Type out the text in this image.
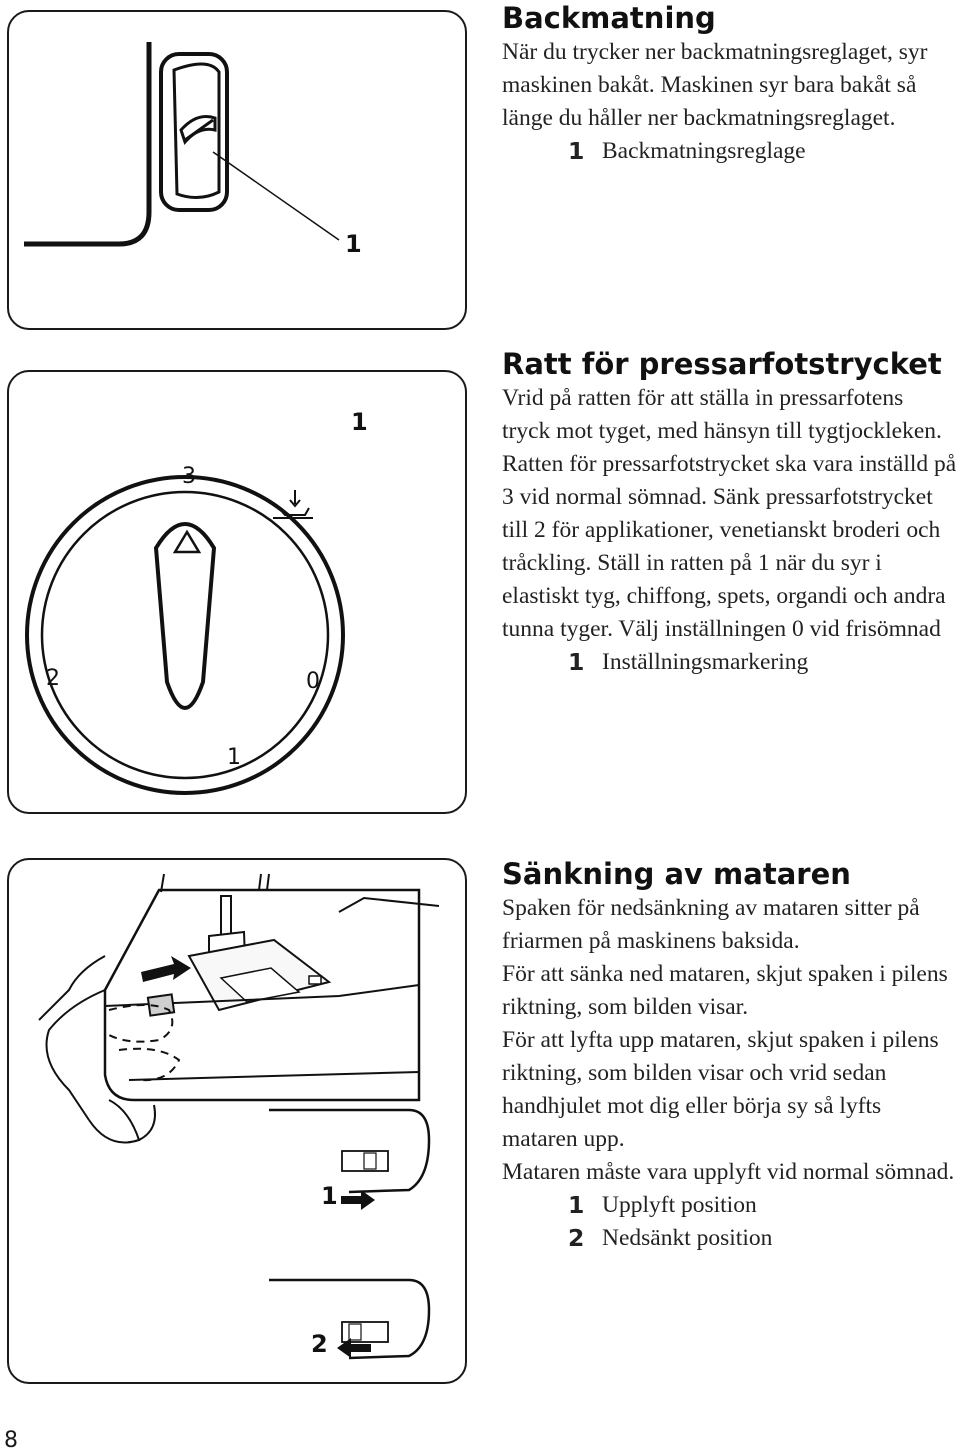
1
1
3
2	0
1
1
2
Backmatning

När du trycker ner backmatningsreglaget, syr maskinen bakåt. Maskinen syr bara bakåt så länge du håller ner backmatningsreglaget.

1 Backmatningsreglage
Ratt för pressarfotstrycket

Vrid på ratten för att ställa in pressarfotens tryck mot tyget, med hänsyn till tygtjockleken. Ratten för pressarfotstrycket ska vara inställd på 3 vid normal sömnad. Sänk pressarfotstrycket till 2 för applikationer, venetianskt broderi och tråckling. Ställ in ratten på 1 när du syr i elastiskt tyg, chiffong, spets, organdi och andra tunna tyger. Välj inställningen 0 vid frisömnad

1 Inställningsmarkering
Sänkning av mataren

Spaken för nedsänkning av mataren sitter på friarmen på maskinens baksida.

För att sänka ned mataren, skjut spaken i pilens riktning, som bilden visar.

För att lyfta upp mataren, skjut spaken i pilens riktning, som bilden visar och vrid sedan handhjulet mot dig eller börja sy så lyfts mataren upp.

Mataren måste vara upplyft vid normal sömnad.

1 Upplyft position
2 Nedsänkt position
8
